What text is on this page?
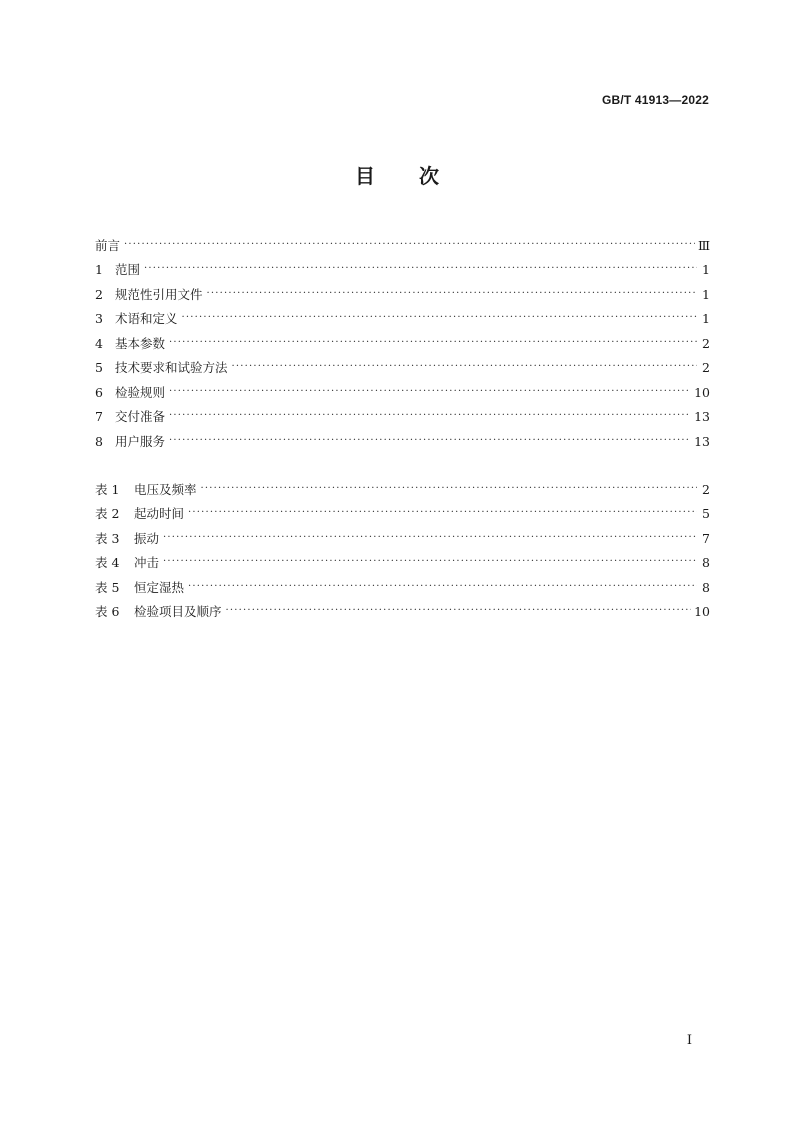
GB/T 41913—2022
目次
前言 ·····	Ⅲ
1 范围 ·····	1
2 规范性引用文件 ·····	1
3 术语和定义 ·····	1
4 基本参数 ·····	2
5 技术要求和试验方法 ·····	2
6 检验规则 ·····	10
7 交付准备 ·····	13
8 用户服务 ·····	13
表 1	电压及频率 ·····	2
表 2	起动时间 ·····	5
表 3	振动 ·····	7
表 4	冲击 ·····	8
表 5	恒定湿热 ·····	8
表 6	检验项目及顺序 ·····	10
I
